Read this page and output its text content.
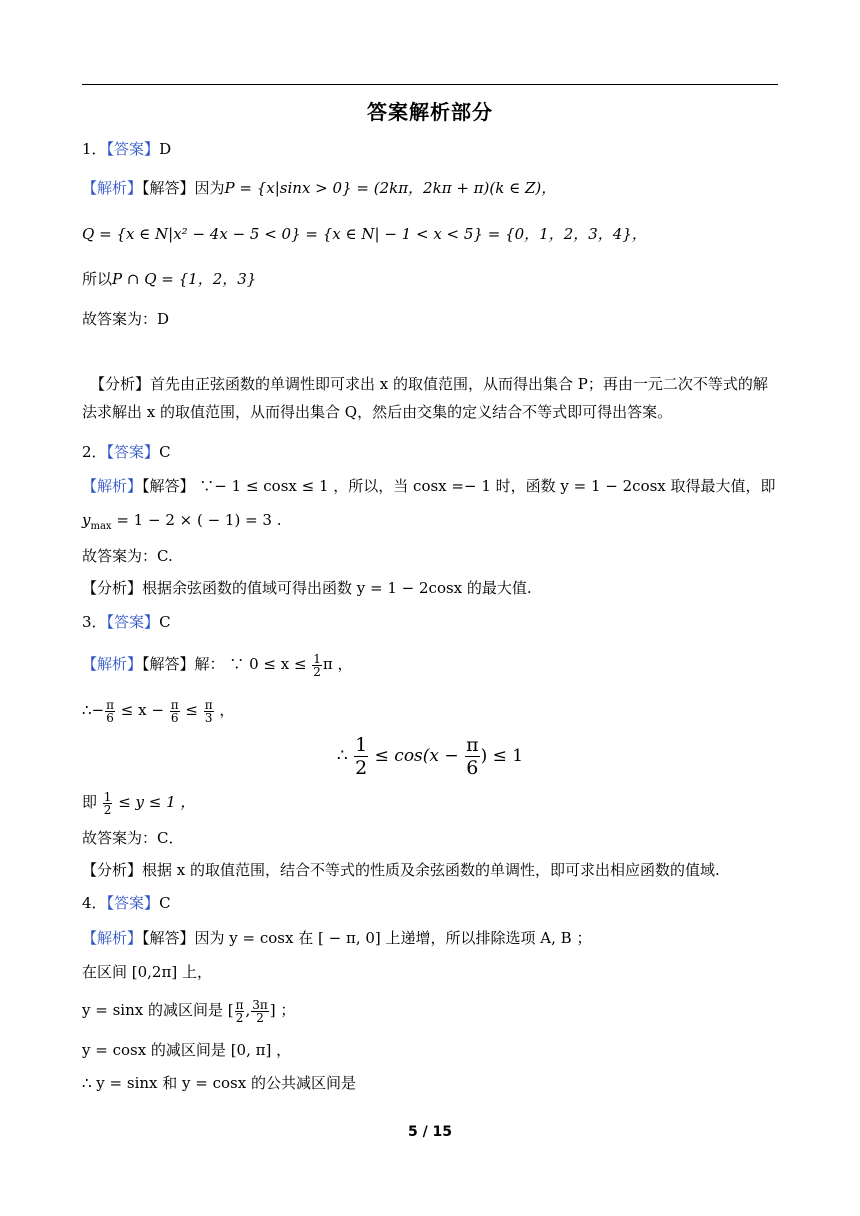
答案解析部分
1．【答案】D
【解析】【解答】因为P = {x|sinx > 0} = (2kπ，2kπ + π)(k ∈ Z)，
Q = {x ∈ N|x² − 4x − 5 < 0} = {x ∈ N| − 1 < x < 5} = {0，1，2，3，4}，
所以P ∩ Q = {1，2，3}
故答案为：D
【分析】首先由正弦函数的单调性即可求出 x 的取值范围，从而得出集合 P；再由一元二次不等式的解法求解出 x 的取值范围，从而得出集合 Q，然后由交集的定义结合不等式即可得出答案。
2．【答案】C
【解析】【解答】 ∵− 1 ≤ cosx ≤ 1 ，所以，当 cosx =− 1 时，函数 y = 1 − 2cosx 取得最大值，即
$y_{max} = 1 - 2$ × ( − 1) = 3 .
故答案为：C.
【分析】根据余弦函数的值域可得出函数 y = 1 − 2cosx 的最大值.
3．【答案】C
【解析】【解答】解： ∵ $0 \le x \le \frac{1}{2}$ π ，
∴− $\frac{\pi}{6} \le x - \frac{\pi}{6} \le \frac{\pi}{3}$ ，
∴ $\frac{1}{2} \le \cos(x - \frac{\pi}{6}$ ) ≤ 1
即 $\frac{1}{2} \le y \le 1$ ，
故答案为：C．
【分析】根据 x 的取值范围，结合不等式的性质及余弦函数的单调性，即可求出相应函数的值域.
4．【答案】C
【解析】【解答】因为 y = cosx 在 [ − π, 0] 上递增，所以排除选项 A, B ；
在区间 [0,2π] 上，
y = sinx 的减区间是 [ $\frac{\pi}{2}$ , $\frac{3\pi}{2}$ ] ；
y = cosx 的减区间是 [0, π] ，
∴ y = sinx 和 y = cosx 的公共减区间是
5 / 15
